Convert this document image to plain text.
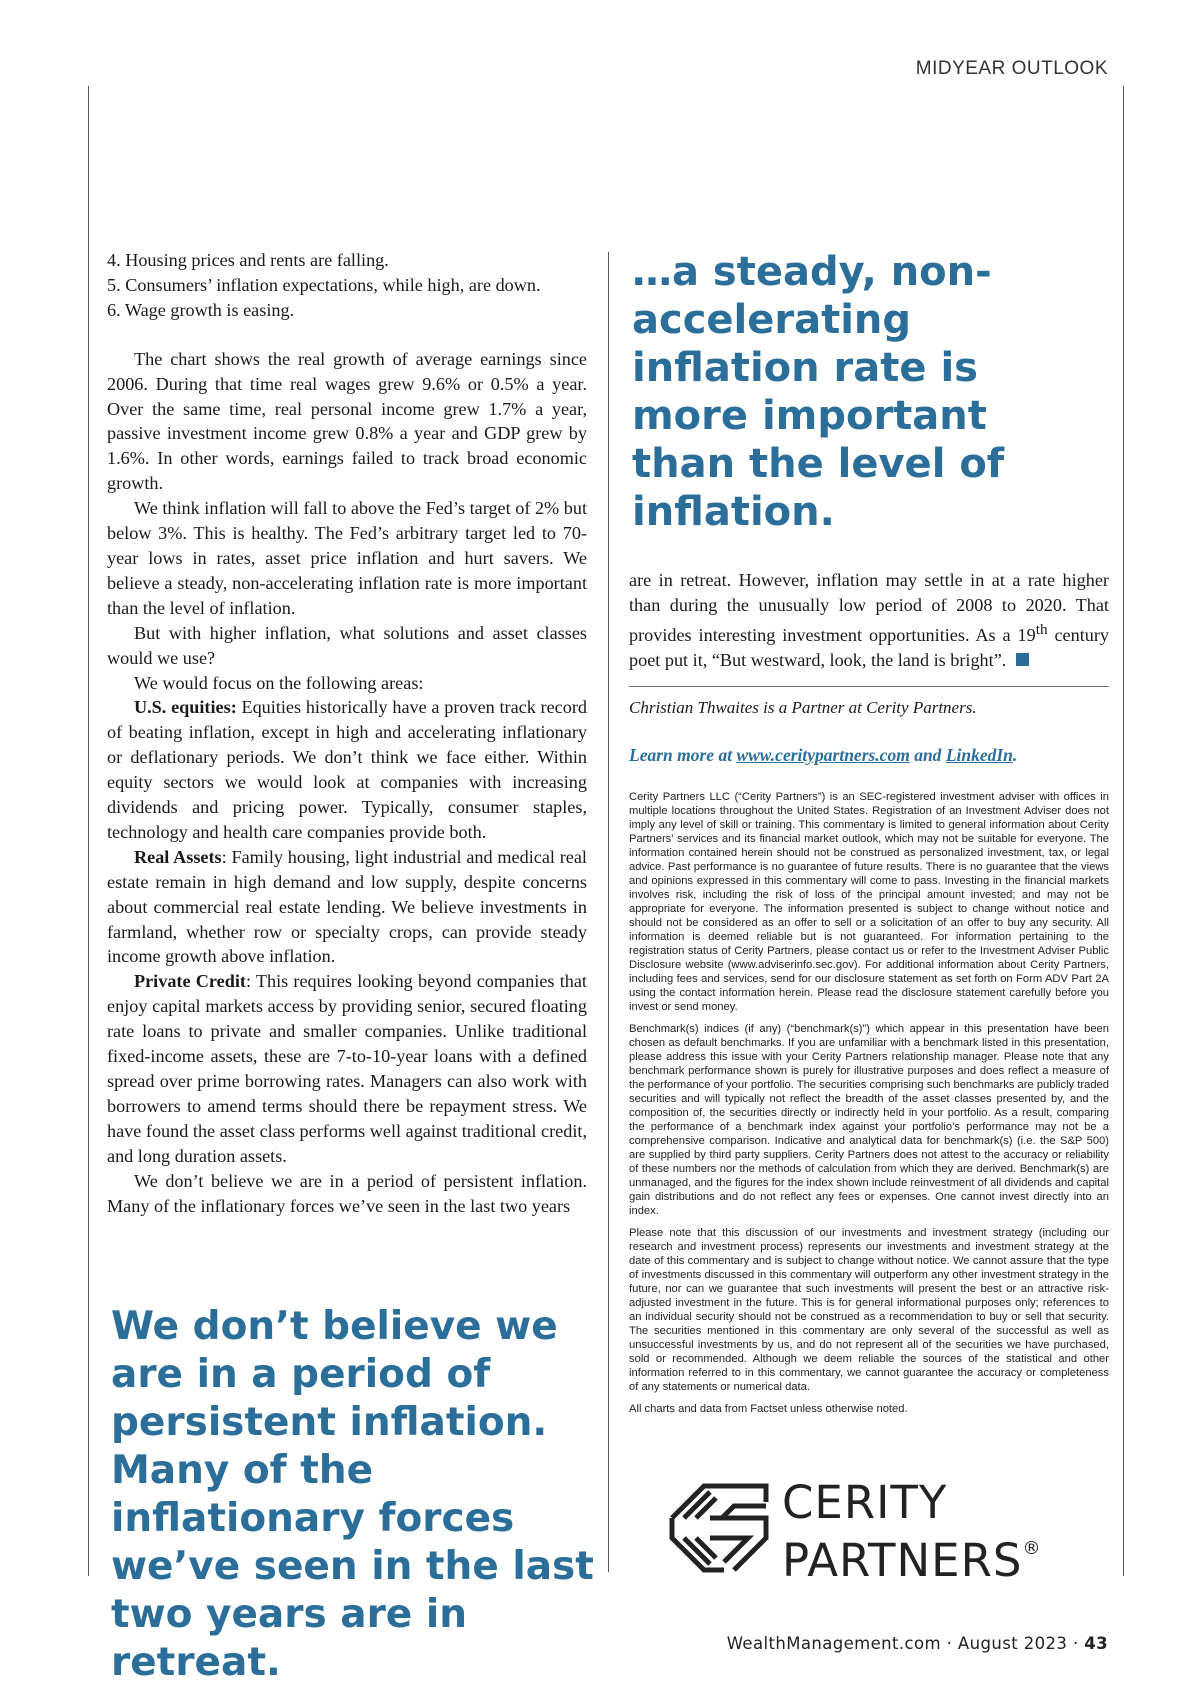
MIDYEAR OUTLOOK
4. Housing prices and rents are falling.
5. Consumers’ inflation expectations, while high, are down.
6. Wage growth is easing.

The chart shows the real growth of average earnings since 2006. During that time real wages grew 9.6% or 0.5% a year. Over the same time, real personal income grew 1.7% a year, passive investment income grew 0.8% a year and GDP grew by 1.6%. In other words, earnings failed to track broad economic growth.

We think inflation will fall to above the Fed’s target of 2% but below 3%. This is healthy. The Fed’s arbitrary target led to 70-year lows in rates, asset price inflation and hurt savers. We believe a steady, non-accelerating inflation rate is more important than the level of inflation.

But with higher inflation, what solutions and asset classes would we use?

We would focus on the following areas:

U.S. equities: Equities historically have a proven track record of beating inflation, except in high and accelerating inflationary or deflationary periods. We don’t think we face either. Within equity sectors we would look at companies with increasing dividends and pricing power. Typically, consumer staples, technology and health care companies provide both.

Real Assets: Family housing, light industrial and medical real estate remain in high demand and low supply, despite concerns about commercial real estate lending. We believe investments in farmland, whether row or specialty crops, can provide steady income growth above inflation.

Private Credit: This requires looking beyond companies that enjoy capital markets access by providing senior, secured floating rate loans to private and smaller companies. Unlike traditional fixed-income assets, these are 7-to-10-year loans with a defined spread over prime borrowing rates. Managers can also work with borrowers to amend terms should there be repayment stress. We have found the asset class performs well against traditional credit, and long duration assets.

We don’t believe we are in a period of persistent inflation. Many of the inflationary forces we’ve seen in the last two years

…a steady, non-accelerating inflation rate is more important than the level of inflation.

We don’t believe we are in a period of persistent inflation. Many of the inflationary forces we’ve seen in the last two years are in retreat.

are in retreat. However, inflation may settle in at a rate higher than during the unusually low period of 2008 to 2020. That provides interesting investment opportunities. As a 19th century poet put it, “But westward, look, the land is bright”.

Christian Thwaites is a Partner at Cerity Partners.

Learn more at www.ceritypartners.com and LinkedIn.

Cerity Partners LLC (“Cerity Partners”) is an SEC-registered investment adviser with offices in multiple locations throughout the United States. Registration of an Investment Adviser does not imply any level of skill or training. This commentary is limited to general information about Cerity Partners’ services and its financial market outlook, which may not be suitable for everyone. The information contained herein should not be construed as personalized investment, tax, or legal advice. Past performance is no guarantee of future results. There is no guarantee that the views and opinions expressed in this commentary will come to pass. Investing in the financial markets involves risk, including the risk of loss of the principal amount invested; and may not be appropriate for everyone. The information presented is subject to change without notice and should not be considered as an offer to sell or a solicitation of an offer to buy any security. All information is deemed reliable but is not guaranteed. For information pertaining to the registration status of Cerity Partners, please contact us or refer to the Investment Adviser Public Disclosure website (www.adviserinfo.sec.gov). For additional information about Cerity Partners, including fees and services, send for our disclosure statement as set forth on Form ADV Part 2A using the contact information herein. Please read the disclosure statement carefully before you invest or send money.

Benchmark(s) indices (if any) (“benchmark(s)”) which appear in this presentation have been chosen as default benchmarks. If you are unfamiliar with a benchmark listed in this presentation, please address this issue with your Cerity Partners relationship manager. Please note that any benchmark performance shown is purely for illustrative purposes and does reflect a measure of the performance of your portfolio. The securities comprising such benchmarks are publicly traded securities and will typically not reflect the breadth of the asset classes presented by, and the composition of, the securities directly or indirectly held in your portfolio. As a result, comparing the performance of a benchmark index against your portfolio’s performance may not be a comprehensive comparison. Indicative and analytical data for benchmark(s) (i.e. the S&P 500) are supplied by third party suppliers. Cerity Partners does not attest to the accuracy or reliability of these numbers nor the methods of calculation from which they are derived. Benchmark(s) are unmanaged, and the figures for the index shown include reinvestment of all dividends and capital gain distributions and do not reflect any fees or expenses. One cannot invest directly into an index.

Please note that this discussion of our investments and investment strategy (including our research and investment process) represents our investments and investment strategy at the date of this commentary and is subject to change without notice. We cannot assure that the type of investments discussed in this commentary will outperform any other investment strategy in the future, nor can we guarantee that such investments will present the best or an attractive risk-adjusted investment in the future. This is for general informational purposes only; references to an individual security should not be construed as a recommendation to buy or sell that security. The securities mentioned in this commentary are only several of the successful as well as unsuccessful investments by us, and do not represent all of the securities we have purchased, sold or recommended. Although we deem reliable the sources of the statistical and other information referred to in this commentary, we cannot guarantee the accuracy or completeness of any statements or numerical data.

All charts and data from Factset unless otherwise noted.

CERITY
PARTNERS®
WealthManagement.com · August 2023 · 43
